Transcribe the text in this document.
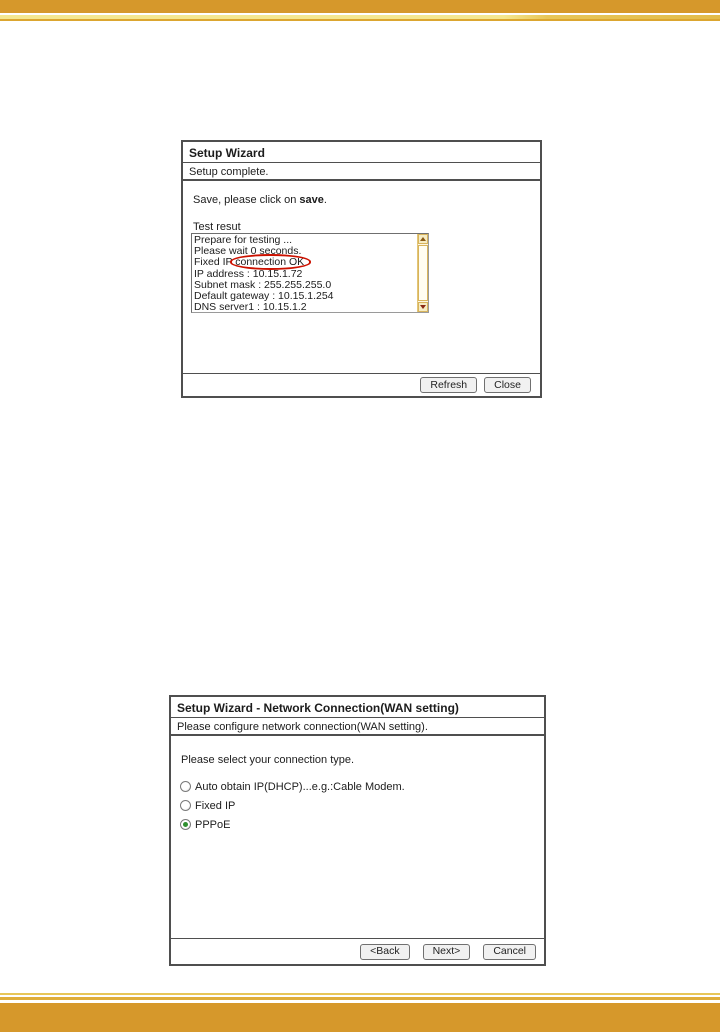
Setup Wizard
Setup complete.
Save, please click on save.
Test resut
Prepare for testing ...
Please wait 0 seconds.
Fixed IP connection OK
IP address : 10.15.1.72
Subnet mask : 255.255.255.0
Default gateway : 10.15.1.254
DNS server1 : 10.15.1.2
Refresh	Close
Setup Wizard - Network Connection(WAN setting)
Please configure network connection(WAN setting).
Please select your connection type.
Auto obtain IP(DHCP)...e.g.:Cable Modem.
Fixed IP
PPPoE
<Back	Next>	Cancel
